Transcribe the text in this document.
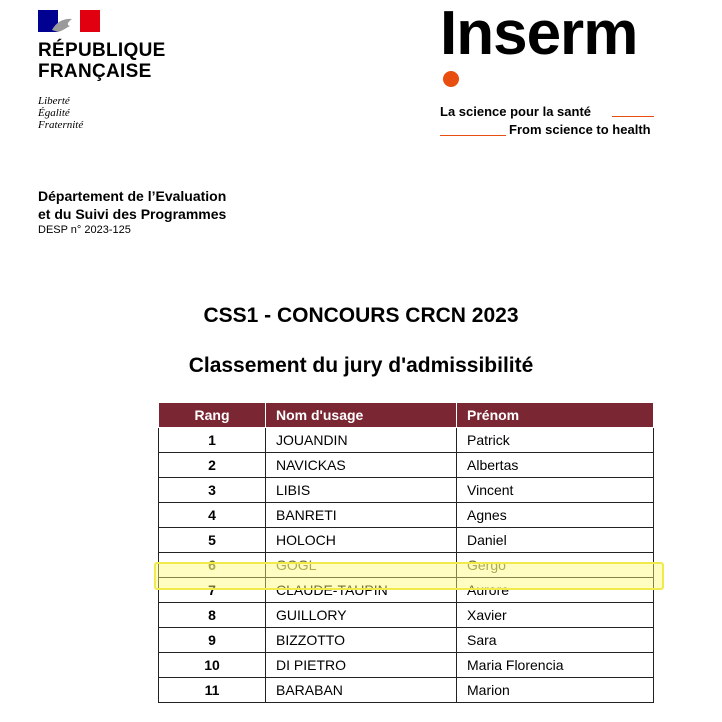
RÉPUBLIQUE
FRANÇAISE
Liberté
Égalité
Fraternité
Inserm
La science pour la santé
From science to health
Département de l’Evaluation
et du Suivi des Programmes
DESP n° 2023-125
CSS1 - CONCOURS CRCN 2023
Classement du jury d'admissibilité
Rang	Nom d'usage	Prénom
1	JOUANDIN	Patrick
2	NAVICKAS	Albertas
3	LIBIS	Vincent
4	BANRETI	Agnes
5	HOLOCH	Daniel
6	GOGL	Gergo
7	CLAUDE-TAUPIN	Aurore
8	GUILLORY	Xavier
9	BIZZOTTO	Sara
10	DI PIETRO	Maria Florencia
11	BARABAN	Marion
